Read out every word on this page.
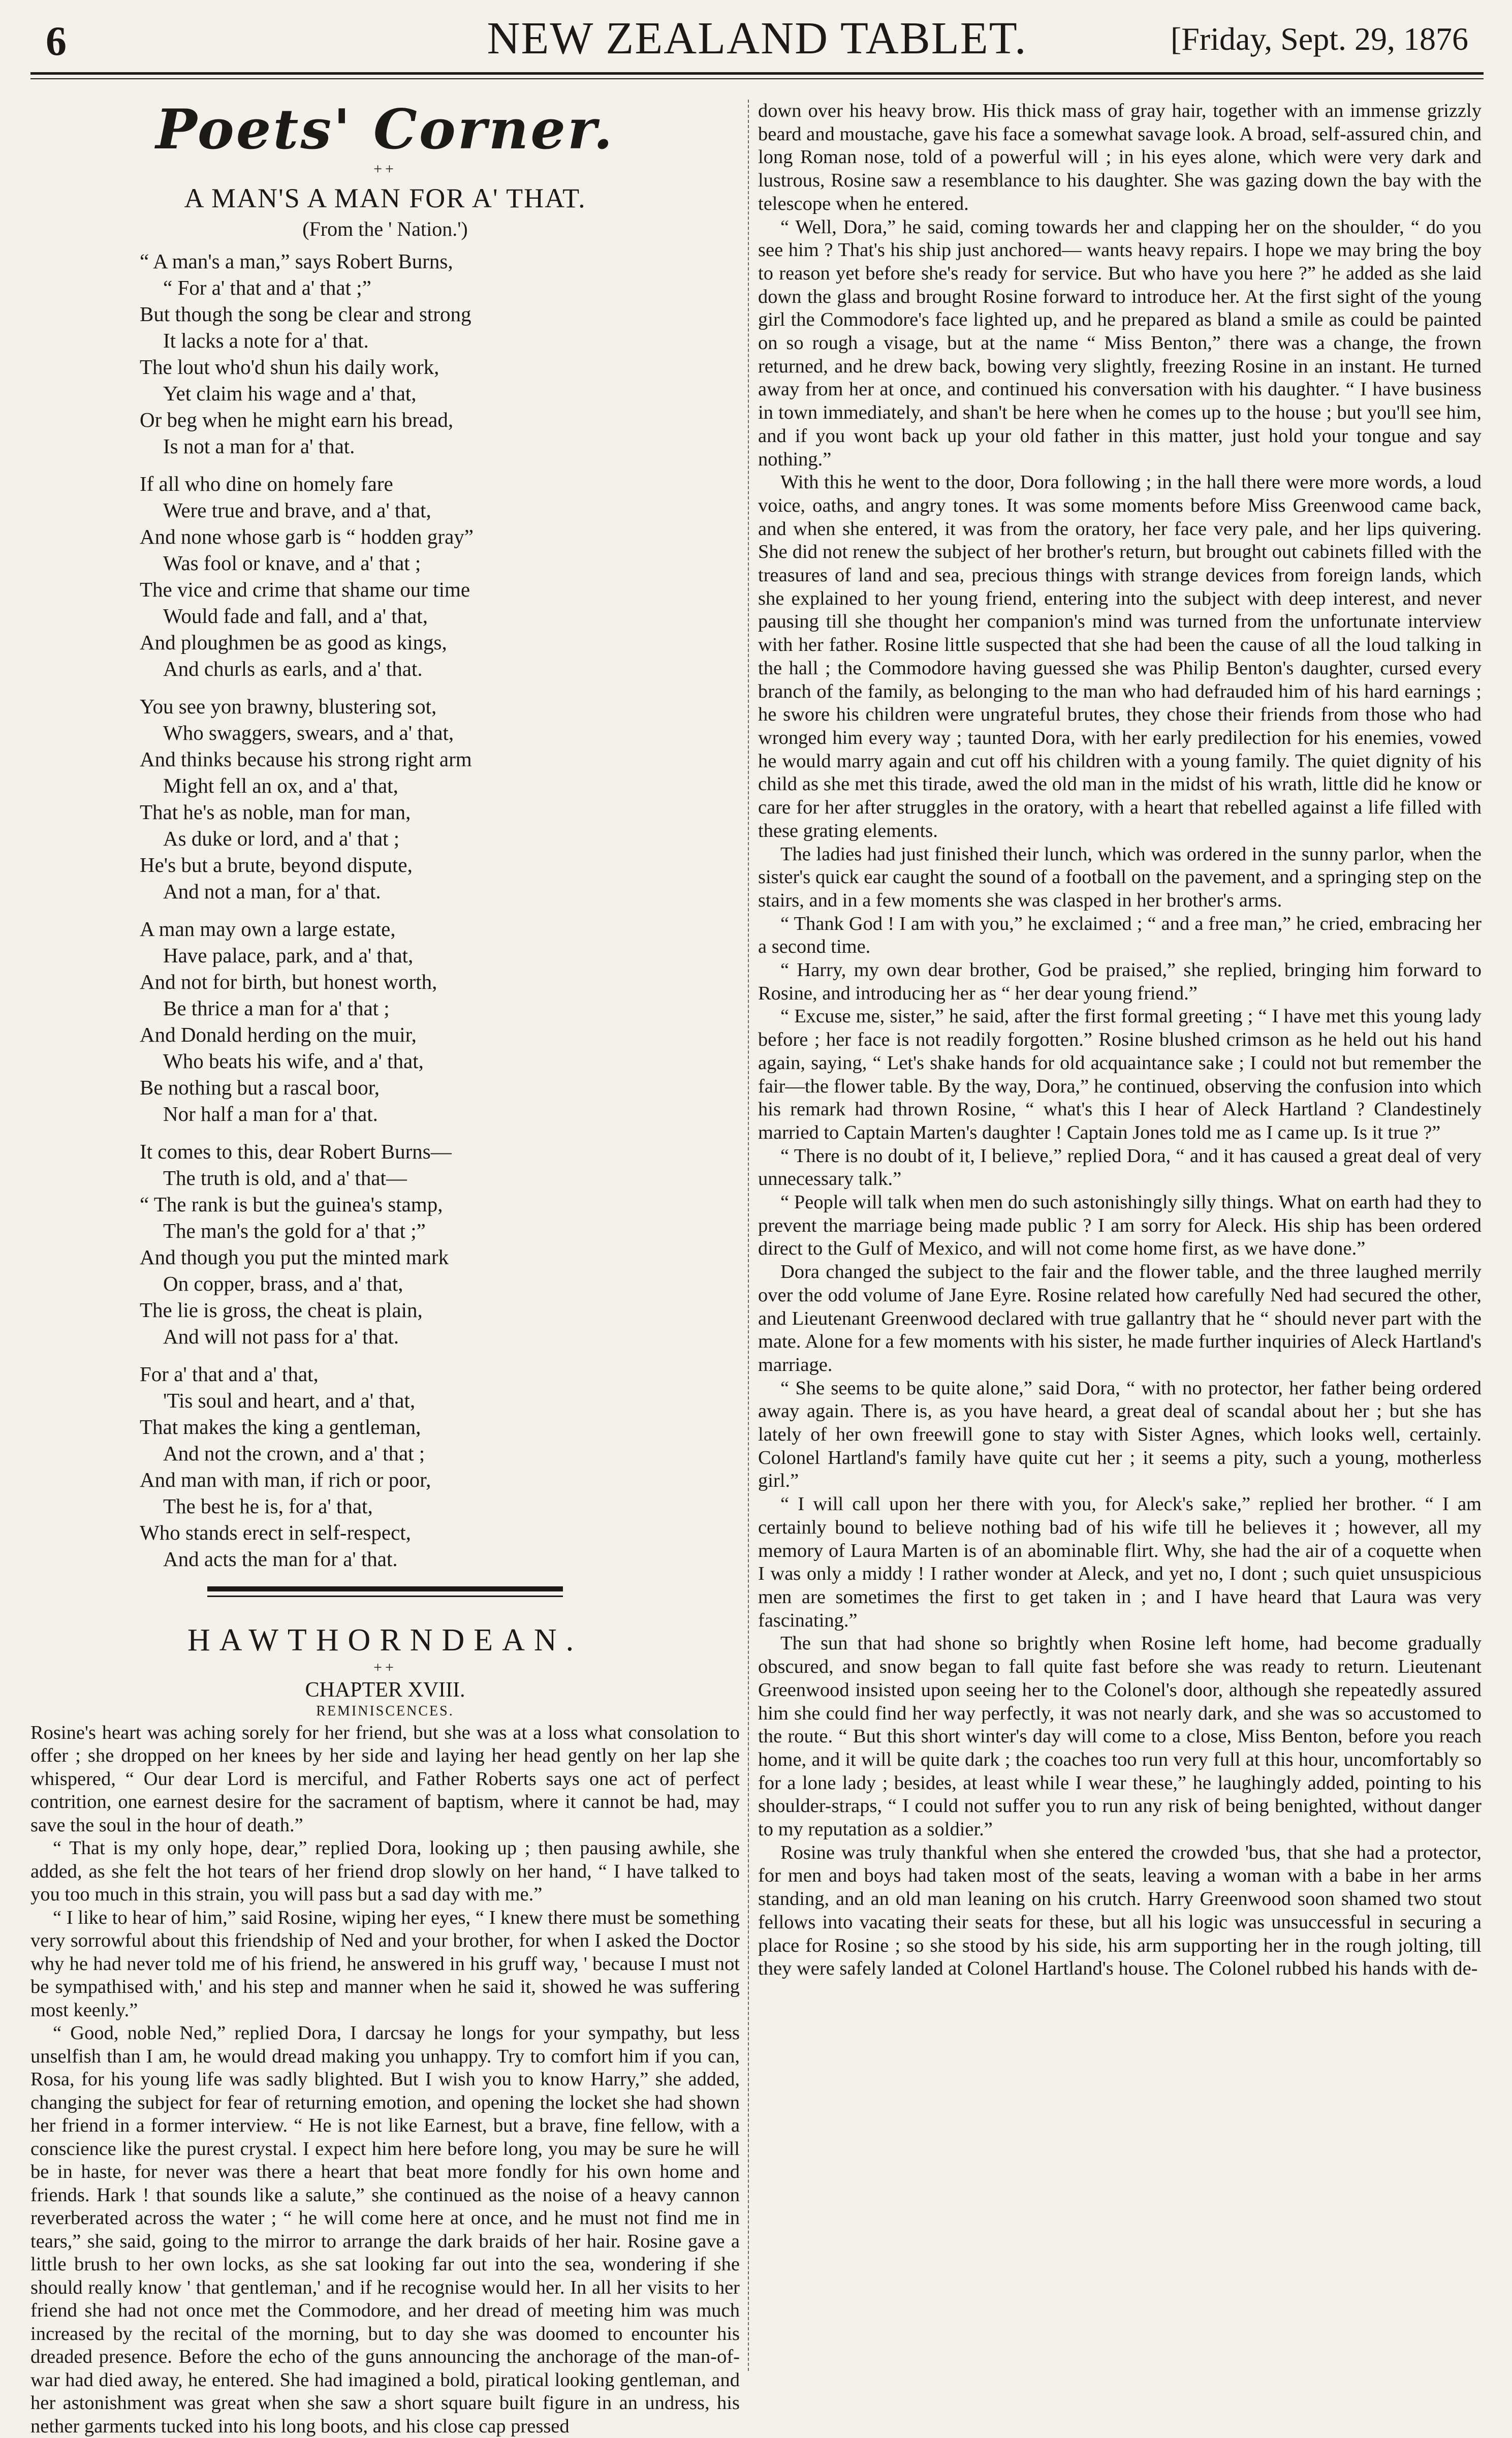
6	NEW ZEALAND TABLET.	[Friday, Sept. 29, 1876
Poets' Corner.
++
A MAN'S A MAN FOR A' THAT.
(From the ' Nation.')
“ A man's a man,” says Robert Burns,
“ For a' that and a' that ;”
But though the song be clear and strong
It lacks a note for a' that.
The lout who'd shun his daily work,
Yet claim his wage and a' that,
Or beg when he might earn his bread,
Is not a man for a' that.
If all who dine on homely fare
Were true and brave, and a' that,
And none whose garb is “ hodden gray”
Was fool or knave, and a' that ;
The vice and crime that shame our time
Would fade and fall, and a' that,
And ploughmen be as good as kings,
And churls as earls, and a' that.
You see yon brawny, blustering sot,
Who swaggers, swears, and a' that,
And thinks because his strong right arm
Might fell an ox, and a' that,
That he's as noble, man for man,
As duke or lord, and a' that ;
He's but a brute, beyond dispute,
And not a man, for a' that.
A man may own a large estate,
Have palace, park, and a' that,
And not for birth, but honest worth,
Be thrice a man for a' that ;
And Donald herding on the muir,
Who beats his wife, and a' that,
Be nothing but a rascal boor,
Nor half a man for a' that.
It comes to this, dear Robert Burns—
The truth is old, and a' that—
“ The rank is but the guinea's stamp,
The man's the gold for a' that ;”
And though you put the minted mark
On copper, brass, and a' that,
The lie is gross, the cheat is plain,
And will not pass for a' that.
For a' that and a' that,
'Tis soul and heart, and a' that,
That makes the king a gentleman,
And not the crown, and a' that ;
And man with man, if rich or poor,
The best he is, for a' that,
Who stands erect in self-respect,
And acts the man for a' that.
HAWTHORNDEAN.
++
CHAPTER XVIII.
REMINISCENCES.

Rosine's heart was aching sorely for her friend, but she was at a loss what consolation to offer ; she dropped on her knees by her side and laying her head gently on her lap she whispered, “ Our dear Lord is merciful, and Father Roberts says one act of perfect contrition, one earnest desire for the sacrament of baptism, where it cannot be had, may save the soul in the hour of death.”

“ That is my only hope, dear,” replied Dora, looking up ; then pausing awhile, she added, as she felt the hot tears of her friend drop slowly on her hand, “ I have talked to you too much in this strain, you will pass but a sad day with me.”

“ I like to hear of him,” said Rosine, wiping her eyes, “ I knew there must be something very sorrowful about this friendship of Ned and your brother, for when I asked the Doctor why he had never told me of his friend, he answered in his gruff way, ' because I must not be sympathised with,' and his step and manner when he said it, showed he was suffering most keenly.”

“ Good, noble Ned,” replied Dora, I darcsay he longs for your sympathy, but less unselfish than I am, he would dread making you unhappy. Try to comfort him if you can, Rosa, for his young life was sadly blighted. But I wish you to know Harry,” she added, changing the subject for fear of returning emotion, and opening the locket she had shown her friend in a former interview. “ He is not like Earnest, but a brave, fine fellow, with a conscience like the purest crystal. I expect him here before long, you may be sure he will be in haste, for never was there a heart that beat more fondly for his own home and friends. Hark ! that sounds like a salute,” she continued as the noise of a heavy cannon reverberated across the water ; “ he will come here at once, and he must not find me in tears,” she said, going to the mirror to arrange the dark braids of her hair. Rosine gave a little brush to her own locks, as she sat looking far out into the sea, wondering if she should really know ' that gentleman,' and if he recognise would her. In all her visits to her friend she had not once met the Commodore, and her dread of meeting him was much increased by the recital of the morning, but to day she was doomed to encounter his dreaded presence. Before the echo of the guns announcing the anchorage of the man-of-war had died away, he entered. She had imagined a bold, piratical looking gentleman, and her astonishment was great when she saw a short square built figure in an undress, his nether garments tucked into his long boots, and his close cap pressed

down over his heavy brow. His thick mass of gray hair, together with an immense grizzly beard and moustache, gave his face a somewhat savage look. A broad, self-assured chin, and long Roman nose, told of a powerful will ; in his eyes alone, which were very dark and lustrous, Rosine saw a resemblance to his daughter. She was gazing down the bay with the telescope when he entered.

“ Well, Dora,” he said, coming towards her and clapping her on the shoulder, “ do you see him ? That's his ship just anchored— wants heavy repairs. I hope we may bring the boy to reason yet before she's ready for service. But who have you here ?” he added as she laid down the glass and brought Rosine forward to introduce her. At the first sight of the young girl the Commodore's face lighted up, and he prepared as bland a smile as could be painted on so rough a visage, but at the name “ Miss Benton,” there was a change, the frown returned, and he drew back, bowing very slightly, freezing Rosine in an instant. He turned away from her at once, and continued his conversation with his daughter. “ I have business in town immediately, and shan't be here when he comes up to the house ; but you'll see him, and if you wont back up your old father in this matter, just hold your tongue and say nothing.”

With this he went to the door, Dora following ; in the hall there were more words, a loud voice, oaths, and angry tones. It was some moments before Miss Greenwood came back, and when she entered, it was from the oratory, her face very pale, and her lips quivering. She did not renew the subject of her brother's return, but brought out cabinets filled with the treasures of land and sea, precious things with strange devices from foreign lands, which she explained to her young friend, entering into the subject with deep interest, and never pausing till she thought her companion's mind was turned from the unfortunate interview with her father. Rosine little suspected that she had been the cause of all the loud talking in the hall ; the Commodore having guessed she was Philip Benton's daughter, cursed every branch of the family, as belonging to the man who had defrauded him of his hard earnings ; he swore his children were ungrateful brutes, they chose their friends from those who had wronged him every way ; taunted Dora, with her early predilection for his enemies, vowed he would marry again and cut off his children with a young family. The quiet dignity of his child as she met this tirade, awed the old man in the midst of his wrath, little did he know or care for her after struggles in the oratory, with a heart that rebelled against a life filled with these grating elements.

The ladies had just finished their lunch, which was ordered in the sunny parlor, when the sister's quick ear caught the sound of a football on the pavement, and a springing step on the stairs, and in a few moments she was clasped in her brother's arms.

“ Thank God ! I am with you,” he exclaimed ; “ and a free man,” he cried, embracing her a second time.

“ Harry, my own dear brother, God be praised,” she replied, bringing him forward to Rosine, and introducing her as “ her dear young friend.”

“ Excuse me, sister,” he said, after the first formal greeting ; “ I have met this young lady before ; her face is not readily forgotten.” Rosine blushed crimson as he held out his hand again, saying, “ Let's shake hands for old acquaintance sake ; I could not but remember the fair—the flower table. By the way, Dora,” he continued, observing the confusion into which his remark had thrown Rosine, “ what's this I hear of Aleck Hartland ? Clandestinely married to Captain Marten's daughter ! Captain Jones told me as I came up. Is it true ?”

“ There is no doubt of it, I believe,” replied Dora, “ and it has caused a great deal of very unnecessary talk.”

“ People will talk when men do such astonishingly silly things. What on earth had they to prevent the marriage being made public ? I am sorry for Aleck. His ship has been ordered direct to the Gulf of Mexico, and will not come home first, as we have done.”

Dora changed the subject to the fair and the flower table, and the three laughed merrily over the odd volume of Jane Eyre. Rosine related how carefully Ned had secured the other, and Lieutenant Greenwood declared with true gallantry that he “ should never part with the mate. Alone for a few moments with his sister, he made further inquiries of Aleck Hartland's marriage.

“ She seems to be quite alone,” said Dora, “ with no protector, her father being ordered away again. There is, as you have heard, a great deal of scandal about her ; but she has lately of her own freewill gone to stay with Sister Agnes, which looks well, certainly. Colonel Hartland's family have quite cut her ; it seems a pity, such a young, motherless girl.”

“ I will call upon her there with you, for Aleck's sake,” replied her brother. “ I am certainly bound to believe nothing bad of his wife till he believes it ; however, all my memory of Laura Marten is of an abominable flirt. Why, she had the air of a coquette when I was only a middy ! I rather wonder at Aleck, and yet no, I dont ; such quiet unsuspicious men are sometimes the first to get taken in ; and I have heard that Laura was very fascinating.”

The sun that had shone so brightly when Rosine left home, had become gradually obscured, and snow began to fall quite fast before she was ready to return. Lieutenant Greenwood insisted upon seeing her to the Colonel's door, although she repeatedly assured him she could find her way perfectly, it was not nearly dark, and she was so accustomed to the route. “ But this short winter's day will come to a close, Miss Benton, before you reach home, and it will be quite dark ; the coaches too run very full at this hour, uncomfortably so for a lone lady ; besides, at least while I wear these,” he laughingly added, pointing to his shoulder-straps, “ I could not suffer you to run any risk of being benighted, without danger to my reputation as a soldier.”

Rosine was truly thankful when she entered the crowded 'bus, that she had a protector, for men and boys had taken most of the seats, leaving a woman with a babe in her arms standing, and an old man leaning on his crutch. Harry Greenwood soon shamed two stout fellows into vacating their seats for these, but all his logic was unsuccessful in securing a place for Rosine ; so she stood by his side, his arm supporting her in the rough jolting, till they were safely landed at Colonel Hartland's house. The Colonel rubbed his hands with de-
